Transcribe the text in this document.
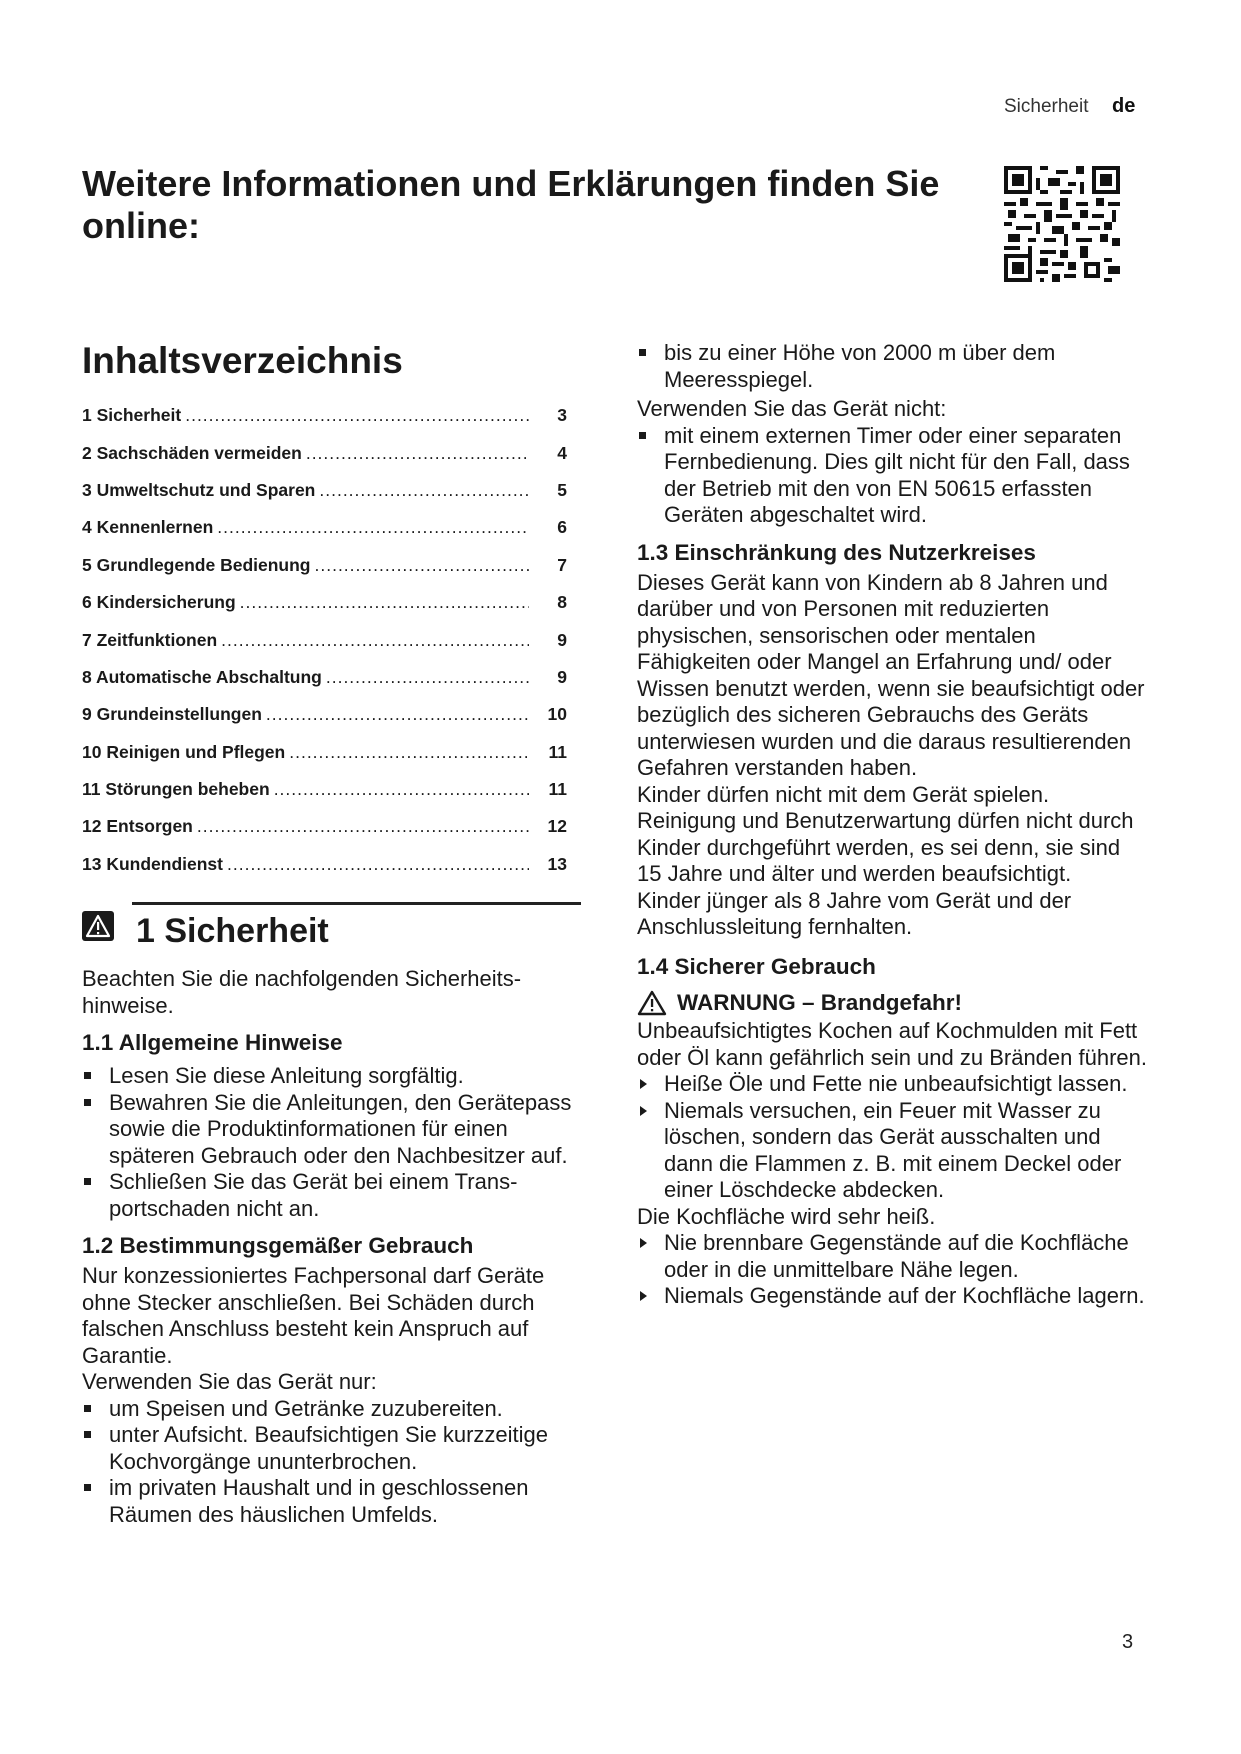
Sicherheit de
Weitere Informationen und Erklärungen finden Sie online:
Inhaltsverzeichnis
1 Sicherheit .....	3
2 Sachschäden vermeiden .....	4
3 Umweltschutz und Sparen .....	5
4 Kennenlernen .....	6
5 Grundlegende Bedienung .....	7
6 Kindersicherung .....	8
7 Zeitfunktionen .....	9
8 Automatische Abschaltung .....	9
9 Grundeinstellungen .....	10
10 Reinigen und Pflegen .....	11
11 Störungen beheben .....	11
12 Entsorgen .....	12
13 Kundendienst .....	13
1 Sicherheit

Beachten Sie die nachfolgenden Sicherheitshinweise.

1.1 Allgemeine Hinweise
Lesen Sie diese Anleitung sorgfältig.
Bewahren Sie die Anleitungen, den Gerätepass sowie die Produktinformationen für einen späteren Gebrauch oder den Nachbesitzer auf.
Schließen Sie das Gerät bei einem Transportschaden nicht an.
1.2 Bestimmungsgemäßer Gebrauch

Nur konzessioniertes Fachpersonal darf Geräte ohne Stecker anschließen. Bei Schäden durch falschen Anschluss besteht kein Anspruch auf Garantie.

Verwenden Sie das Gerät nur:

um Speisen und Getränke zuzubereiten.
unter Aufsicht. Beaufsichtigen Sie kurzzeitige Kochvorgänge ununterbrochen.
im privaten Haushalt und in geschlossenen Räumen des häuslichen Umfelds.
bis zu einer Höhe von 2000 m über dem Meeresspiegel.

Verwenden Sie das Gerät nicht:

mit einem externen Timer oder einer separaten Fernbedienung. Dies gilt nicht für den Fall, dass der Betrieb mit den von EN 50615 erfassten Geräten abgeschaltet wird.
1.3 Einschränkung des Nutzerkreises

Dieses Gerät kann von Kindern ab 8 Jahren und darüber und von Personen mit reduzierten physischen, sensorischen oder mentalen Fähigkeiten oder Mangel an Erfahrung und/ oder Wissen benutzt werden, wenn sie beaufsichtigt oder bezüglich des sicheren Gebrauchs des Geräts unterwiesen wurden und die daraus resultierenden Gefahren verstanden haben.

Kinder dürfen nicht mit dem Gerät spielen.

Reinigung und Benutzerwartung dürfen nicht durch Kinder durchgeführt werden, es sei denn, sie sind 15 Jahre und älter und werden beaufsichtigt.

Kinder jünger als 8 Jahre vom Gerät und der Anschlussleitung fernhalten.

1.4 Sicherer Gebrauch
WARNUNG – Brandgefahr!

Unbeaufsichtigtes Kochen auf Kochmulden mit Fett oder Öl kann gefährlich sein und zu Bränden führen.

Heiße Öle und Fette nie unbeaufsichtigt lassen.
Niemals versuchen, ein Feuer mit Wasser zu löschen, sondern das Gerät ausschalten und dann die Flammen z. B. mit einem Deckel oder einer Löschdecke abdecken.

Die Kochfläche wird sehr heiß.

Nie brennbare Gegenstände auf die Kochfläche oder in die unmittelbare Nähe legen.
Niemals Gegenstände auf der Kochfläche lagern.
3
